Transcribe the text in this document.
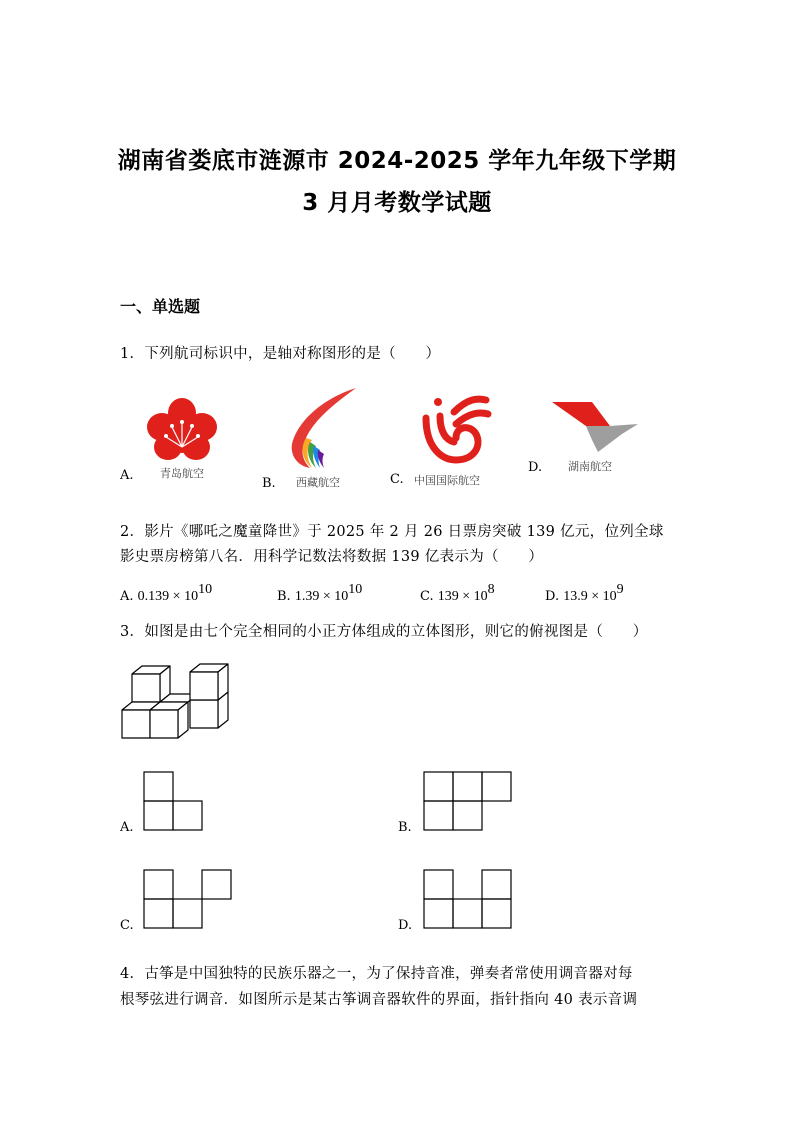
湖南省娄底市涟源市 2024-2025 学年九年级下学期
3 月月考数学试题
一、单选题
1．下列航司标识中，是轴对称图形的是（　　）
A. 青岛航空
B. 西藏航空	C. 中国国际航空
D. 湖南航空
2．影片《哪吒之魔童降世》于 2025 年 2 月 26 日票房突破 139 亿元，位列全球
影史票房榜第八名．用科学记数法将数据 139 亿表示为（　　）
A. $0.139 \times 10^{10}$	B. $1.39 \times 10^{10}$	C. $139 \times 10^8$	D. $13.9 \times 10^9$
3．如图是由七个完全相同的小正方体组成的立体图形，则它的俯视图是（　　）
A.	B.
C.	D.
4．古筝是中国独特的民族乐器之一，为了保持音准，弹奏者常使用调音器对每
根琴弦进行调音．如图所示是某古筝调音器软件的界面，指针指向 40 表示音调
